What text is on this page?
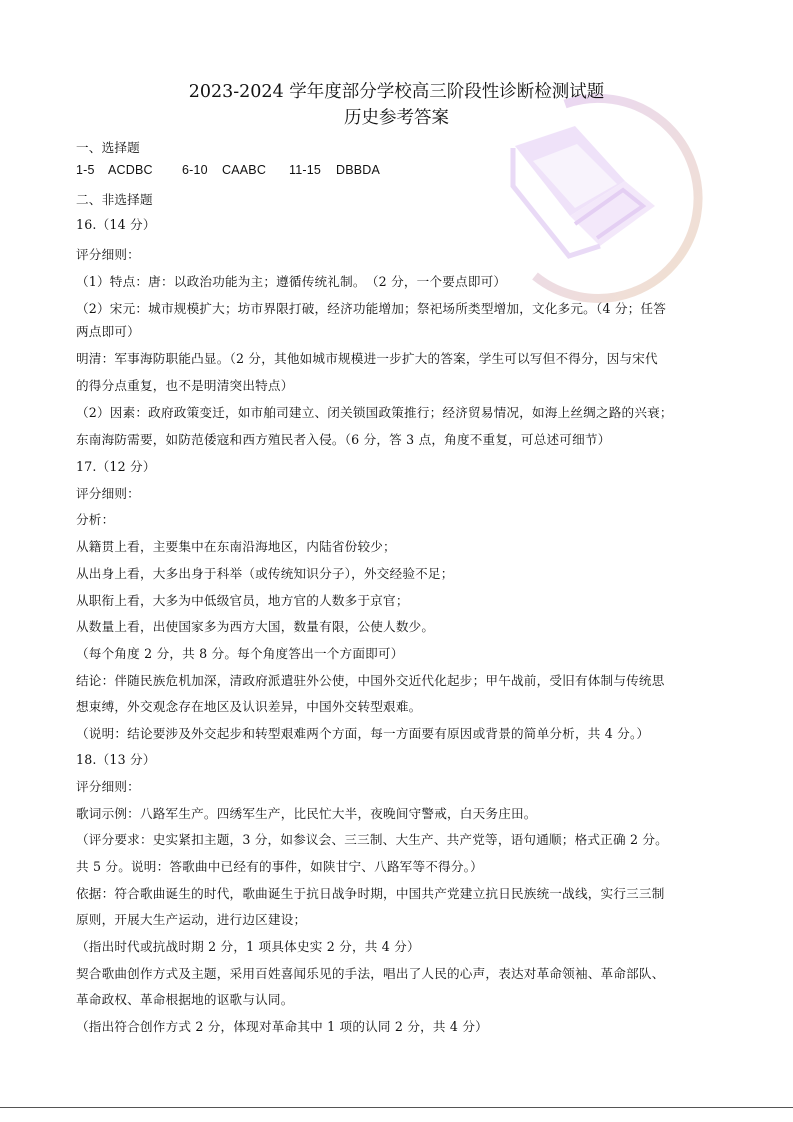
2023-2024 学年度部分学校高三阶段性诊断检测试题
历史参考答案
一、选择题
1-5 ACDBC 6-10 CAABC 11-15 DBBDA
二、非选择题
16.（14 分）
评分细则：
（1）特点：唐：以政治功能为主；遵循传统礼制。　（2 分，一个要点即可）
（2）宋元：城市规模扩大；坊市界限打破，经济功能增加；祭祀场所类型增加，文化多元。（4 分；任答
两点即可）
明清：军事海防职能凸显。（2 分，其他如城市规模进一步扩大的答案，学生可以写但不得分，因与宋代
的得分点重复，也不是明清突出特点）
（2）因素：政府政策变迁，如市舶司建立、闭关锁国政策推行；经济贸易情况，如海上丝绸之路的兴衰；
东南海防需要，如防范倭寇和西方殖民者入侵。（6 分，答 3 点，角度不重复，可总述可细节）
17.（12 分）
评分细则：
分析：
从籍贯上看，主要集中在东南沿海地区，内陆省份较少；
从出身上看，大多出身于科举（或传统知识分子），外交经验不足；
从职衔上看，大多为中低级官员，地方官的人数多于京官；
从数量上看，出使国家多为西方大国，数量有限，公使人数少。
（每个角度 2 分，共 8 分。每个角度答出一个方面即可）
结论：伴随民族危机加深，清政府派遣驻外公使，中国外交近代化起步；甲午战前，受旧有体制与传统思
想束缚，外交观念存在地区及认识差异，中国外交转型艰难。
（说明：结论要涉及外交起步和转型艰难两个方面，每一方面要有原因或背景的简单分析，共 4 分。）
18.（13 分）
评分细则：
歌词示例：八路军生产。四绣军生产，比民忙大半，夜晚间守警戒，白天务庄田。
（评分要求：史实紧扣主题，3 分，如参议会、三三制、大生产、共产党等，语句通顺；格式正确 2 分。
共 5 分。说明：答歌曲中已经有的事件，如陕甘宁、八路军等不得分。）
依据：符合歌曲诞生的时代，歌曲诞生于抗日战争时期，中国共产党建立抗日民族统一战线，实行三三制
原则，开展大生产运动，进行边区建设；
（指出时代或抗战时期 2 分，1 项具体史实 2 分，共 4 分）
契合歌曲创作方式及主题，采用百姓喜闻乐见的手法，唱出了人民的心声，表达对革命领袖、革命部队、
革命政权、革命根据地的讴歌与认同。
（指出符合创作方式 2 分，体现对革命其中 1 项的认同 2 分，共 4 分）
